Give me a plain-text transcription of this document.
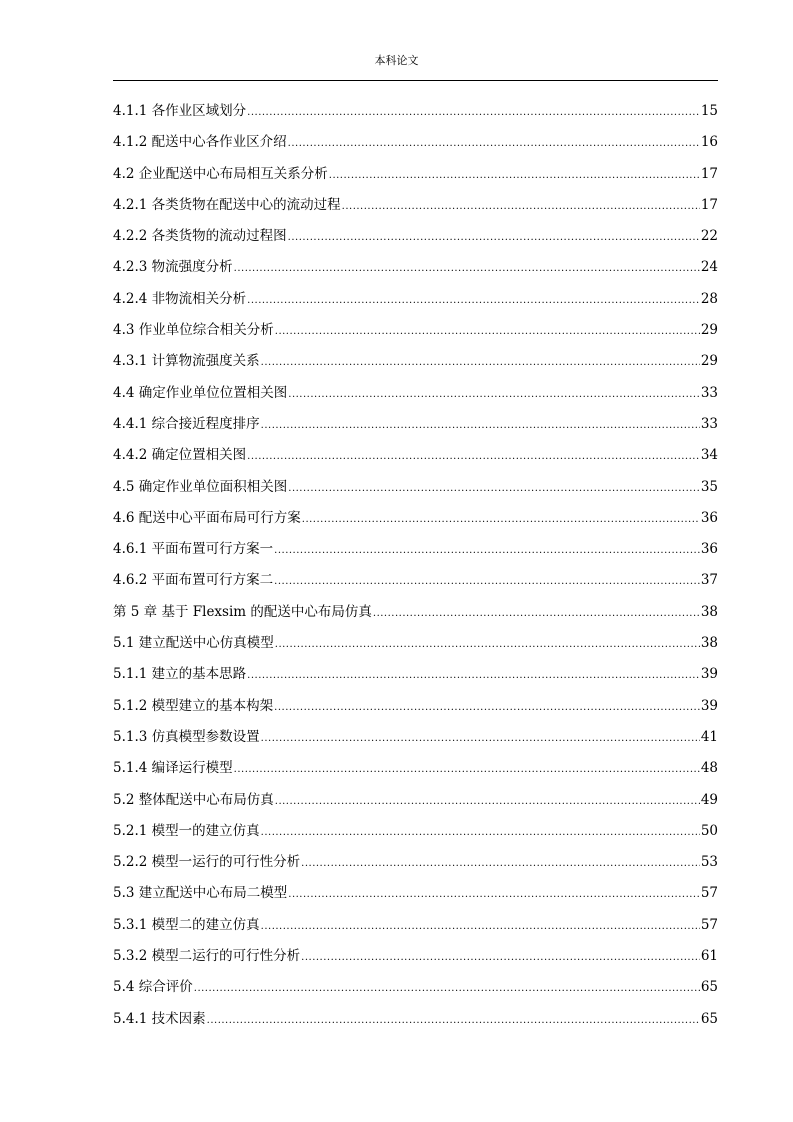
本科论文
4.1.1 各作业区域划分 .....	15
4.1.2 配送中心各作业区介绍 .....	16
4.2 企业配送中心布局相互关系分析 .....	17
4.2.1 各类货物在配送中心的流动过程 .....	17
4.2.2 各类货物的流动过程图 .....	22
4.2.3 物流强度分析 .....	24
4.2.4 非物流相关分析 .....	28
4.3 作业单位综合相关分析 .....	29
4.3.1 计算物流强度关系 .....	29
4.4 确定作业单位位置相关图 .....	33
4.4.1 综合接近程度排序 .....	33
4.4.2 确定位置相关图 .....	34
4.5 确定作业单位面积相关图 .....	35
4.6 配送中心平面布局可行方案 .....	36
4.6.1 平面布置可行方案一 .....	36
4.6.2 平面布置可行方案二 .....	37
第 5 章 基于 Flexsim 的配送中心布局仿真 .....	38
5.1 建立配送中心仿真模型 .....	38
5.1.1 建立的基本思路 .....	39
5.1.2 模型建立的基本构架 .....	39
5.1.3 仿真模型参数设置 .....	41
5.1.4 编译运行模型 .....	48
5.2 整体配送中心布局仿真 .....	49
5.2.1 模型一的建立仿真 .....	50
5.2.2 模型一运行的可行性分析 .....	53
5.3 建立配送中心布局二模型 .....	57
5.3.1 模型二的建立仿真 .....	57
5.3.2 模型二运行的可行性分析 .....	61
5.4 综合评价 .....	65
5.4.1 技术因素 .....	65
